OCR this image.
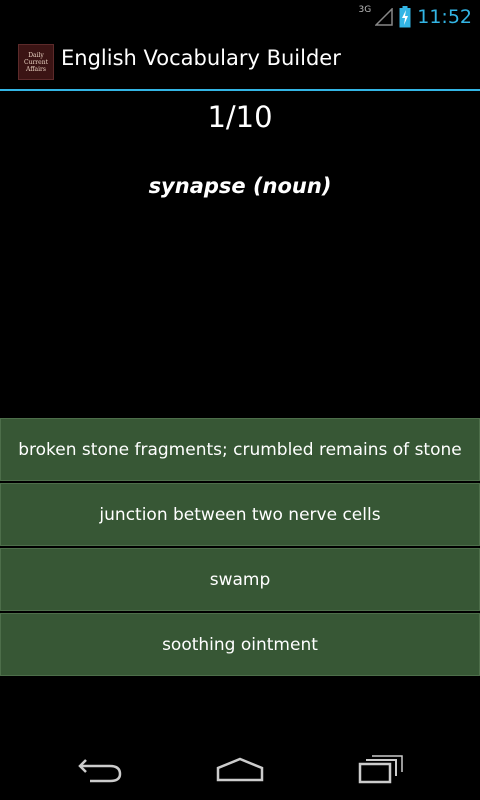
3G 11:52
Daily
Current
Affairs English Vocabulary Builder
1/10
synapse (noun)
broken stone fragments; crumbled remains of stone
junction between two nerve cells
swamp
soothing ointment
